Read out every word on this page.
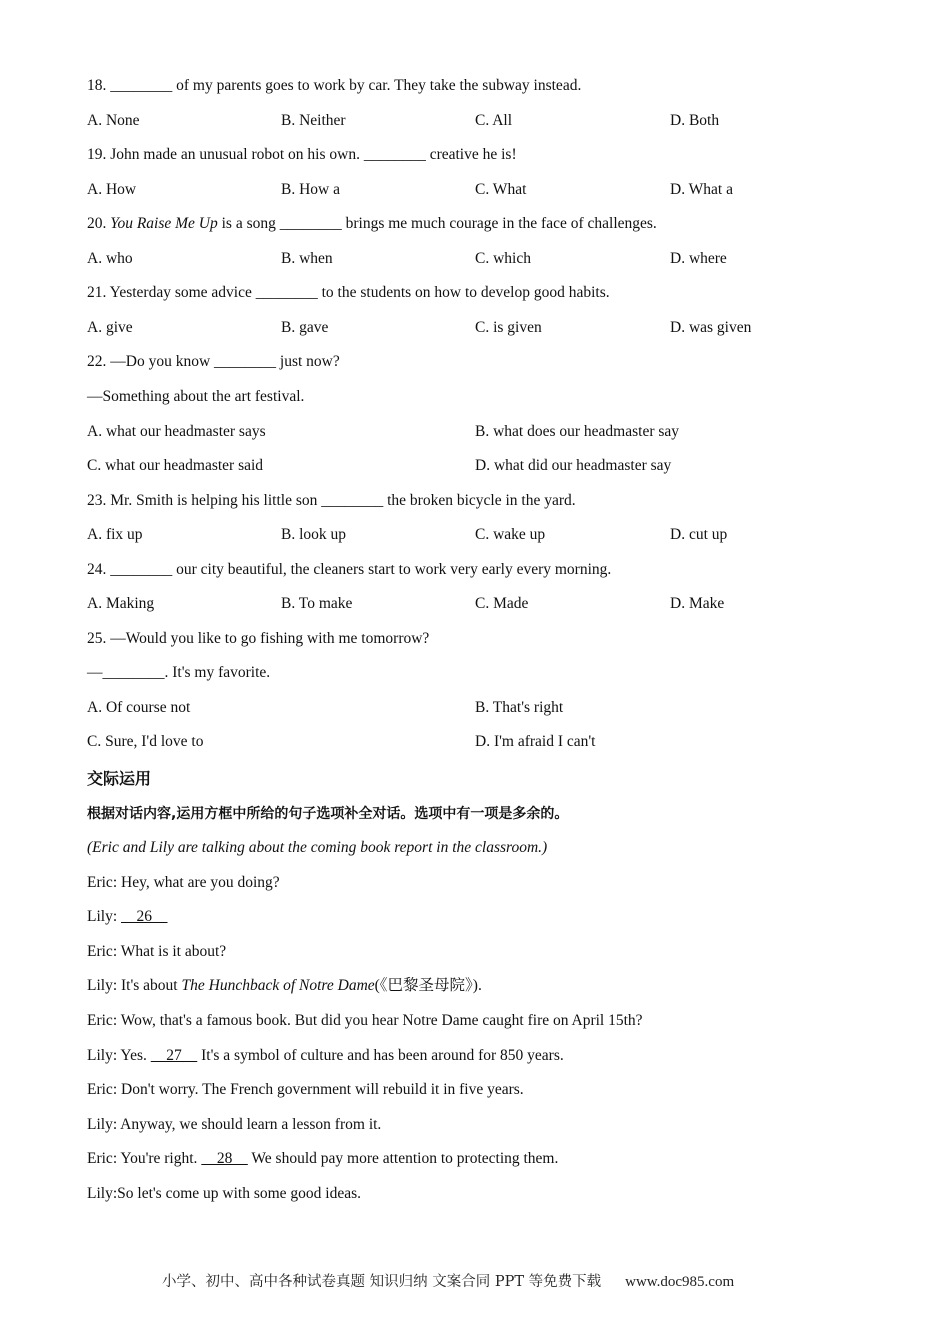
18. ________ of my parents goes to work by car. They take the subway instead.
A. None	B. Neither	C. All	D. Both
19. John made an unusual robot on his own. ________ creative he is!
A. How	B. How a	C. What	D. What a
20. You Raise Me Up is a song ________ brings me much courage in the face of challenges.
A. who	B. when	C. which	D. where
21. Yesterday some advice ________ to the students on how to develop good habits.
A. give	B. gave	C. is given	D. was given
22. —Do you know ________ just now?
—Something about the art festival.
A. what our headmaster says	B. what does our headmaster say
C. what our headmaster said	D. what did our headmaster say
23. Mr. Smith is helping his little son ________ the broken bicycle in the yard.
A. fix up	B. look up	C. wake up	D. cut up
24. ________ our city beautiful, the cleaners start to work very early every morning.
A. Making	B. To make	C. Made	D. Make
25. —Would you like to go fishing with me tomorrow?
—________. It's my favorite.
A. Of course not	B. That's right
C. Sure, I'd love to	D. I'm afraid I can't
交际运用
根据对话内容,运用方框中所给的句子选项补全对话。选项中有一项是多余的。
(Eric and Lily are talking about the coming book report in the classroom.)
Eric: Hey, what are you doing?
Lily:     26
Eric: What is it about?
Lily: It's about The Hunchback of Notre Dame(《巴黎圣母院》).
Eric: Wow, that's a famous book. But did you hear Notre Dame caught fire on April 15th?
Lily: Yes.     27     It's a symbol of culture and has been around for 850 years.
Eric: Don't worry. The French government will rebuild it in five years.
Lily: Anyway, we should learn a lesson from it.
Eric: You're right.     28     We should pay more attention to protecting them.
Lily:So let's come up with some good ideas.
小学、初中、高中各种试卷真题 知识归纳 文案合同 PPT 等免费下载 www.doc985.com
